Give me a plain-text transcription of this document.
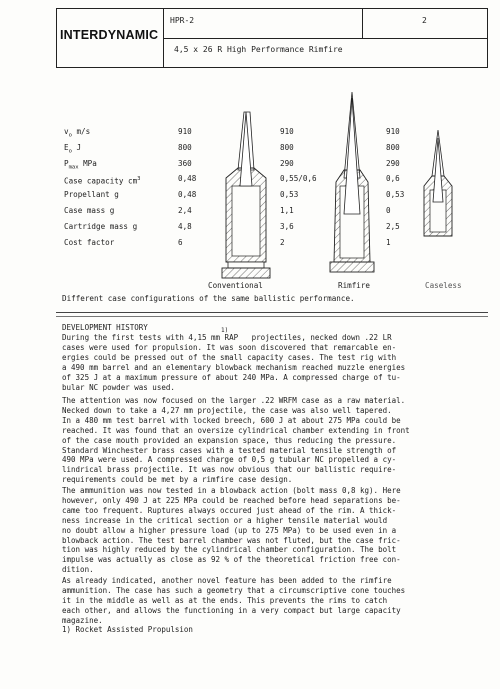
INTERDYNAMIC
HPR-2	2
4,5 x 26 R High Performance Rimfire
$v_o$ m/s	910	910	910
$E_o$ J	800	800	800
$P_{max}$ MPa	360	290	290
Case capacity $cm^3$	0,48	0,55/0,6	0,6
Propellant g	0,48	0,53	0,53
Case mass g	2,4	1,1	0
Cartridge mass g	4,8	3,6	2,5
Cost factor	6	2	1
Conventional	Rimfire	Caseless
Different case configurations of the same ballistic performance.
DEVELOPMENT HISTORY
During the first tests with 4,15 mm RAP   projectiles, necked down .22 LR
cases were used for propulsion. It was soon discovered that remarcable en-
ergies could be pressed out of the small capacity cases. The test rig with
a 490 mm barrel and an elementary blowback mechanism reached muzzle energies
of 325 J at a maximum pressure of about 240 MPa. A compressed charge of tu-
bular NC powder was used.
The attention was now focused on the larger .22 WRFM case as a raw material.
Necked down to take a 4,27 mm projectile, the case was also well tapered.
In a 480 mm test barrel with locked breech, 600 J at about 275 MPa could be
reached. It was found that an oversize cylindrical chamber extending in front
of the case mouth provided an expansion space, thus reducing the pressure.
Standard Winchester brass cases with a tested material tensile strength of
490 MPa were used. A compressed charge of 0,5 g tubular NC propelled a cy-
lindrical brass projectile. It was now obvious that our ballistic require-
requirements could be met by a rimfire case design.
The ammunition was now tested in a blowback action (bolt mass 0,8 kg). Here
however, only 490 J at 225 MPa could be reached before head separations be-
came too frequent. Ruptures always occured just ahead of the rim. A thick-
ness increase in the critical section or a higher tensile material would
no doubt allow a higher pressure load (up to 275 MPa) to be used even in a
blowback action. The test barrel chamber was not fluted, but the case fric-
tion was highly reduced by the cylindrical chamber configuration. The bolt
impulse was actually as close as 92 % of the theoretical friction free con-
dition.
As already indicated, another novel feature has been added to the rimfire
ammunition. The case has such a geometry that a circumscriptive cone touches
it in the middle as well as at the ends. This prevents the rims to catch
each other, and allows the functioning in a very compact but large capacity
magazine.
1) Rocket Assisted Propulsion
1)
